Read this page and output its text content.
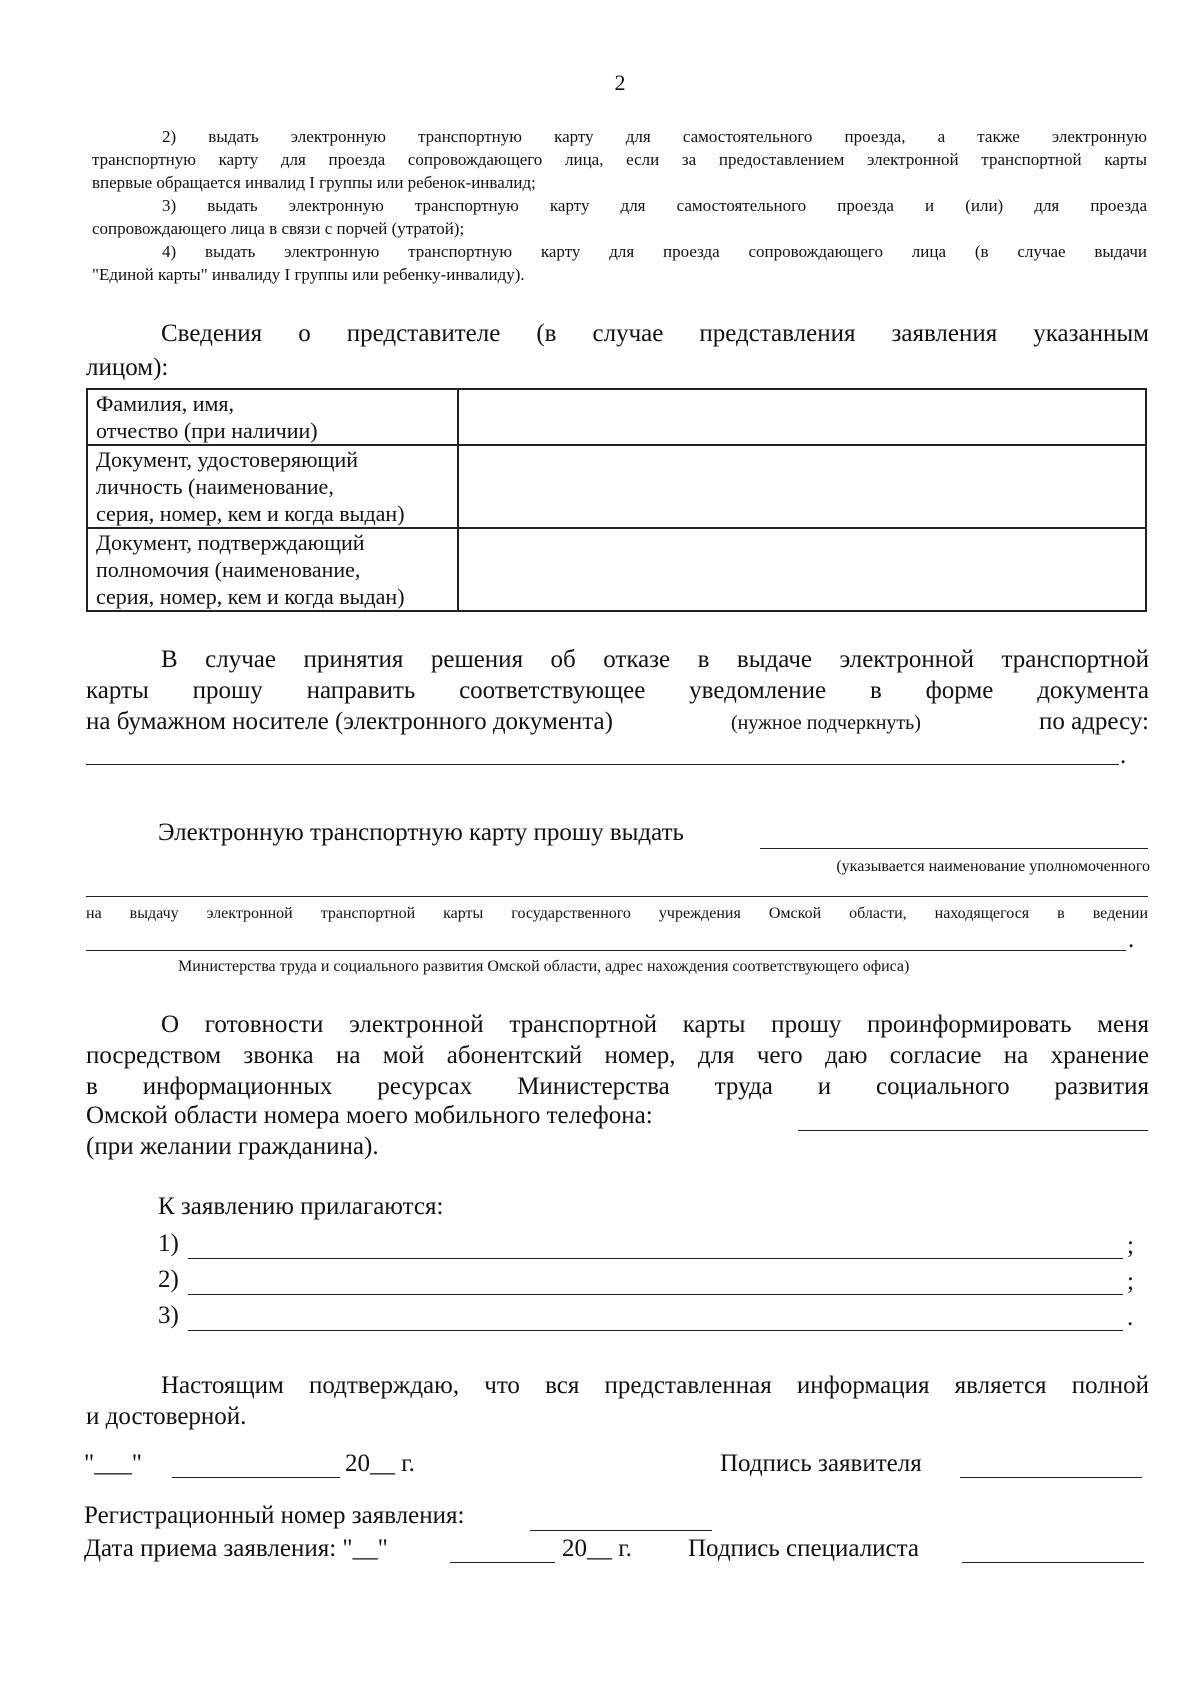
2

2) выдать электронную транспортную карту для самостоятельного проезда, а также электронную

транспортную карту для проезда сопровождающего лица, если за предоставлением электронной транспортной карты

впервые обращается инвалид I группы или ребенок-инвалид;

3) выдать электронную транспортную карту для самостоятельного проезда и (или) для проезда

сопровождающего лица в связи с порчей (утратой);

4) выдать электронную транспортную карту для проезда сопровождающего лица (в случае выдачи

"Единой карты" инвалиду I группы или ребенку-инвалиду).

Сведения о представителе (в случае представления заявления указанным
лицом):
Фамилия, имя,
отчество (при наличии)	

Документ, удостоверяющий
личность (наименование,
серия, номер, кем и когда выдан)	

Документ, подтверждающий
полномочия (наименование,
серия, номер, кем и когда выдан)	

В случае принятия решения об отказе в выдаче электронной транспортной
карты прошу направить соответствующее уведомление в форме документа
на бумажном носителе (электронного документа)	(нужное подчеркнуть)	по адресу:
.
Электронную транспортную карту прошу выдать
(указывается наименование уполномоченного
на выдачу электронной транспортной карты государственного учреждения Омской области, находящегося в ведении
.
Министерства труда и социального развития Омской области, адрес нахождения соответствующего офиса)
О готовности электронной транспортной карты прошу проинформировать меня
посредством звонка на мой абонентский номер, для чего даю согласие на хранение
в информационных ресурсах Министерства труда и социального развития
Омской области номера моего мобильного телефона:
(при желании гражданина).
К заявлению прилагаются:
1)	;
2)	;
3)	.
Настоящим подтверждаю, что вся представленная информация является полной
и достоверной.
"___"	20__ г.	Подпись заявителя
Регистрационный номер заявления:
Дата приема заявления: "__"	20__ г. Подпись специалиста
